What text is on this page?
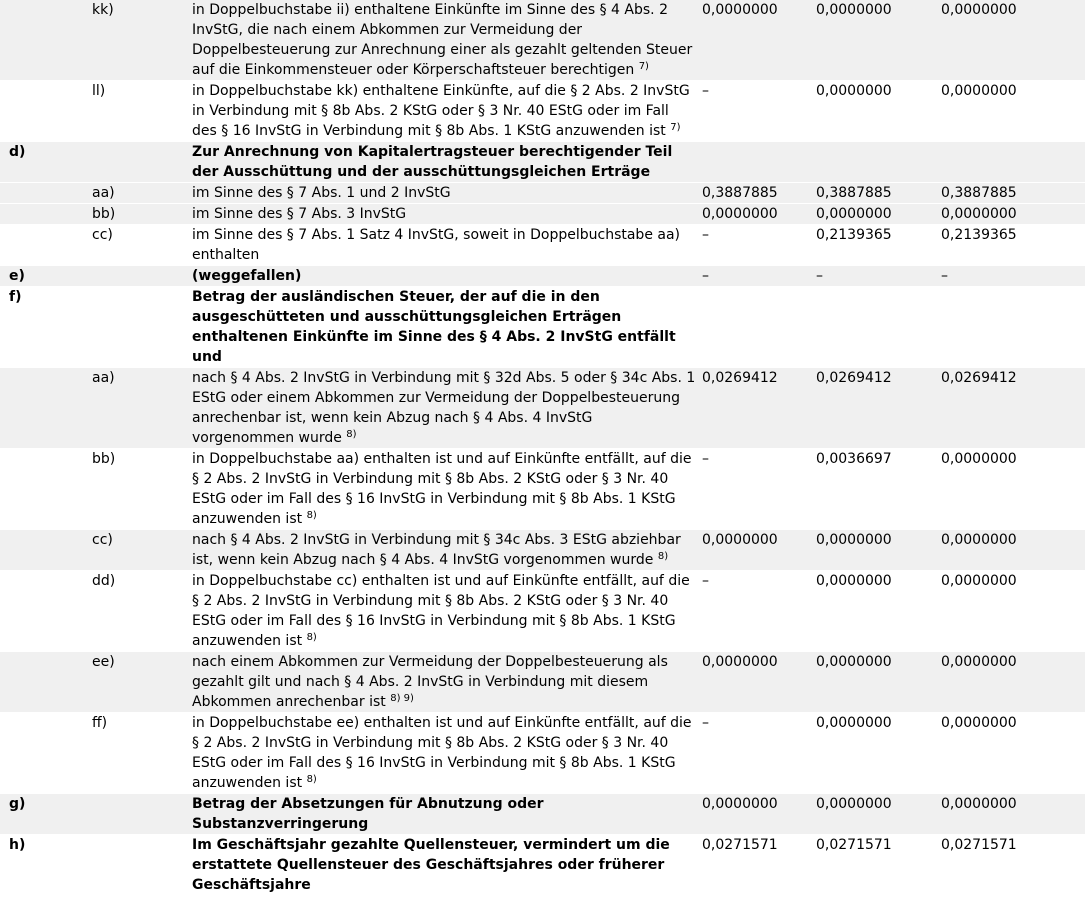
	kk)	in Doppelbuchstabe ii) enthaltene Einkünfte im Sinne des § 4 Abs. 2 InvStG, die nach einem Abkommen zur Vermeidung der Doppelbesteuerung zur Anrechnung einer als gezahlt geltenden Steuer auf die Einkommensteuer oder Körperschaftsteuer berechtigen $^{7)}$	0,0000000	0,0000000	0,0000000
	ll)	in Doppelbuchstabe kk) enthaltene Einkünfte, auf die § 2 Abs. 2 InvStG in Verbindung mit § 8b Abs. 2 KStG oder § 3 Nr. 40 EStG oder im Fall des § 16 InvStG in Verbindung mit § 8b Abs. 1 KStG anzuwenden ist $^{7)}$	–	0,0000000	0,0000000
d)		Zur Anrechnung von Kapitalertragsteuer berechtigender Teil der Ausschüttung und der ausschüttungsgleichen Erträge			
	aa)	im Sinne des § 7 Abs. 1 und 2 InvStG	0,3887885	0,3887885	0,3887885
	bb)	im Sinne des § 7 Abs. 3 InvStG	0,0000000	0,0000000	0,0000000
	cc)	im Sinne des § 7 Abs. 1 Satz 4 InvStG, soweit in Doppelbuchstabe aa) enthalten	–	0,2139365	0,2139365
e)		(weggefallen)	–	–	–
f)		Betrag der ausländischen Steuer, der auf die in den ausgeschütteten und ausschüttungsgleichen Erträgen enthaltenen Einkünfte im Sinne des § 4 Abs. 2 InvStG entfällt und			
	aa)	nach § 4 Abs. 2 InvStG in Verbindung mit § 32d Abs. 5 oder § 34c Abs. 1 EStG oder einem Abkommen zur Vermeidung der Doppelbesteuerung anrechenbar ist, wenn kein Abzug nach § 4 Abs. 4 InvStG vorgenommen wurde $^{8)}$	0,0269412	0,0269412	0,0269412
	bb)	in Doppelbuchstabe aa) enthalten ist und auf Einkünfte entfällt, auf die § 2 Abs. 2 InvStG in Verbindung mit § 8b Abs. 2 KStG oder § 3 Nr. 40 EStG oder im Fall des § 16 InvStG in Verbindung mit § 8b Abs. 1 KStG anzuwenden ist $^{8)}$	–	0,0036697	0,0000000
	cc)	nach § 4 Abs. 2 InvStG in Verbindung mit § 34c Abs. 3 EStG abziehbar ist, wenn kein Abzug nach § 4 Abs. 4 InvStG vorgenommen wurde $^{8)}$	0,0000000	0,0000000	0,0000000
	dd)	in Doppelbuchstabe cc) enthalten ist und auf Einkünfte entfällt, auf die § 2 Abs. 2 InvStG in Verbindung mit § 8b Abs. 2 KStG oder § 3 Nr. 40 EStG oder im Fall des § 16 InvStG in Verbindung mit § 8b Abs. 1 KStG anzuwenden ist $^{8)}$	–	0,0000000	0,0000000
	ee)	nach einem Abkommen zur Vermeidung der Doppelbesteuerung als gezahlt gilt und nach § 4 Abs. 2 InvStG in Verbindung mit diesem Abkommen anrechenbar ist $^{8) 9)}$	0,0000000	0,0000000	0,0000000
	ff)	in Doppelbuchstabe ee) enthalten ist und auf Einkünfte entfällt, auf die § 2 Abs. 2 InvStG in Verbindung mit § 8b Abs. 2 KStG oder § 3 Nr. 40 EStG oder im Fall des § 16 InvStG in Verbindung mit § 8b Abs. 1 KStG anzuwenden ist $^{8)}$	–	0,0000000	0,0000000
g)		Betrag der Absetzungen für Abnutzung oder Substanzverringerung	0,0000000	0,0000000	0,0000000
h)		Im Geschäftsjahr gezahlte Quellensteuer, vermindert um die erstattete Quellensteuer des Geschäftsjahres oder früherer Geschäftsjahre	0,0271571	0,0271571	0,0271571
